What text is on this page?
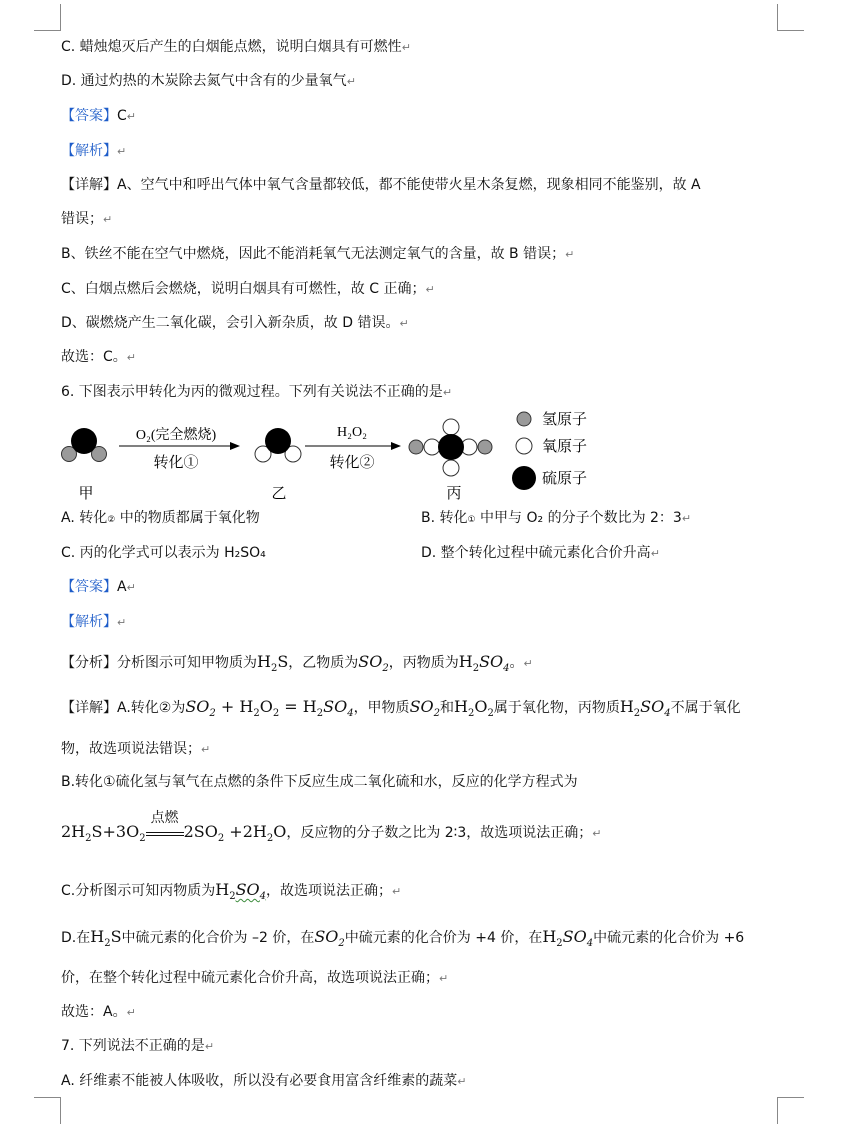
C. 蜡烛熄灭后产生的白烟能点燃，说明白烟具有可燃性↵
D. 通过灼热的木炭除去氮气中含有的少量氧气↵
【答案】C↵
【解析】↵
【详解】A、空气中和呼出气体中氧气含量都较低，都不能使带火星木条复燃，现象相同不能鉴别，故 A
错误；↵
B、铁丝不能在空气中燃烧，因此不能消耗氧气无法测定氧气的含量，故 B 错误；↵
C、白烟点燃后会燃烧，说明白烟具有可燃性，故 C 正确；↵
D、碳燃烧产生二氧化碳，会引入新杂质，故 D 错误。↵
故选：C。↵
6. 下图表示甲转化为丙的微观过程。下列有关说法不正确的是↵
O₂(完全燃烧)
转化①
H₂O₂
转化②
甲	乙	丙
氢原子
氧原子
硫原子
A. 转化② 中的物质都属于氧化物	B. 转化① 中甲与 O₂ 的分子个数比为 2：3↵
C. 丙的化学式可以表示为 H₂SO₄	D. 整个转化过程中硫元素化合价升高↵
【答案】A↵
【解析】↵
【分析】分析图示可知甲物质为$H_2S$，乙物质为$SO_2$，丙物质为$H_2SO_4$。↵
【详解】A.转化②为$SO_2 + H_2O_2 = H_2SO_4$，甲物质$SO_2$和$H_2O_2$属于氧化物，丙物质$H_2SO_4$不属于氧化
物，故选项说法错误；↵
B.转化①硫化氢与氧气在点燃的条件下反应生成二氧化硫和水，反应的化学方程式为
$2H_2S+3O_2$
点燃
$2SO_2 +2H_2O$，反应物的分子数之比为 2∶3，故选项说法正确；↵
C.分析图示可知丙物质为$H_2SO_4$，故选项说法正确；↵
D.在$H_2S$中硫元素的化合价为 –2 价，在$SO_2$中硫元素的化合价为 +4 价，在$H_2SO_4$中硫元素的化合价为 +6
价，在整个转化过程中硫元素化合价升高，故选项说法正确；↵
故选：A。↵
7. 下列说法不正确的是↵
A. 纤维素不能被人体吸收，所以没有必要食用富含纤维素的蔬菜↵
